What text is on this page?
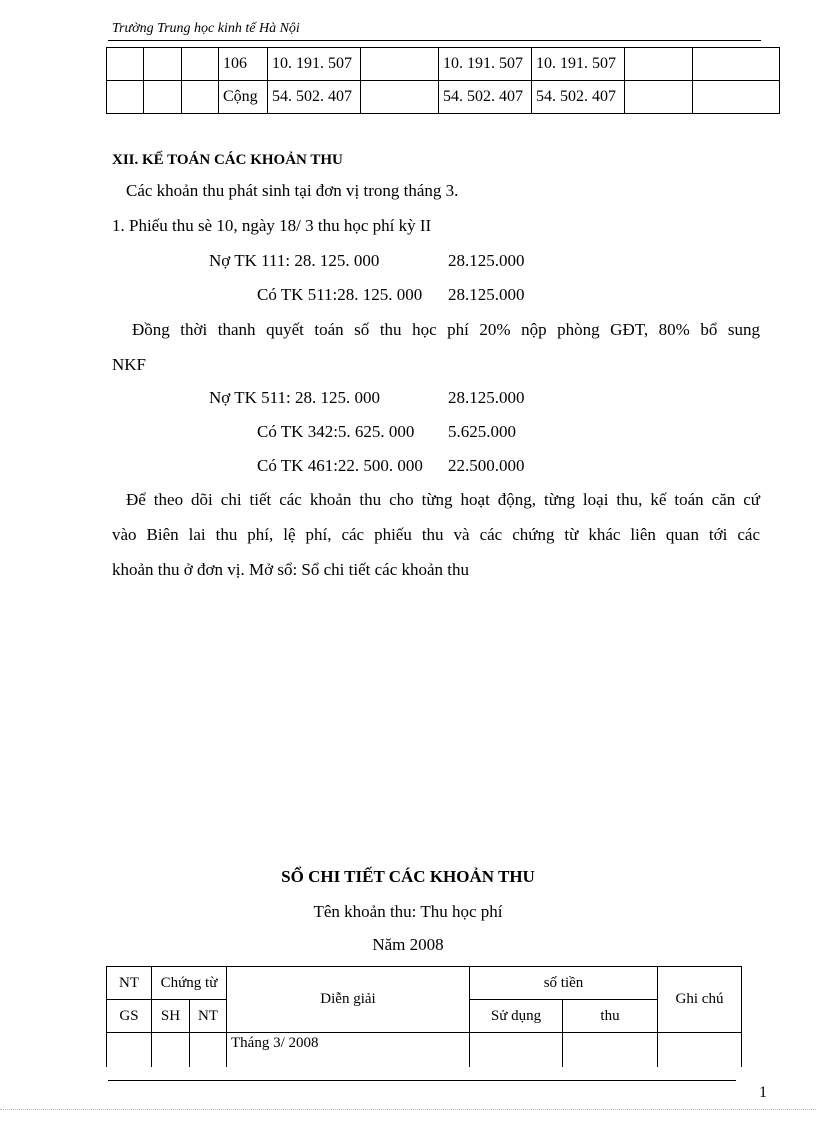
Trường Trung học kinh tế Hà Nội
			106	10. 191. 507		10. 191. 507	10. 191. 507		
			Cộng	54. 502. 407		54. 502. 407	54. 502. 407		
XII. KẾ TOÁN CÁC KHOẢN THU
Các khoản thu phát sinh tại đơn vị trong tháng 3.
1. Phiếu thu sè 10, ngày 18/ 3 thu học phí kỳ II
Nợ TK 111: 28. 125. 000	28.125.000
Có TK 511:28. 125. 000 28.125.000
Đồng thời thanh quyết toán số thu học phí 20% nộp phòng GĐT, 80% bổ sung
NKF
Nợ TK 511: 28. 125. 000	28.125.000
Có TK 342:5. 625. 000 5.625.000
Có TK 461:22. 500. 000 22.500.000
Để theo dõi chi tiết các khoản thu cho từng hoạt động, từng loại thu, kế toán căn cứ
vào Biên lai thu phí, lệ phí, các phiếu thu và các chứng từ khác liên quan tới các
khoản thu ở đơn vị. Mở sổ: Sổ chi tiết các khoản thu
SỔ CHI TIẾT CÁC KHOẢN THU
Tên khoản thu: Thu học phí
Năm 2008
NT	Chứng từ		Diễn giải	số tiền		Ghi chú
GS	SH	NT		Sử dụng	thu	
			Tháng 3/ 2008			
1
